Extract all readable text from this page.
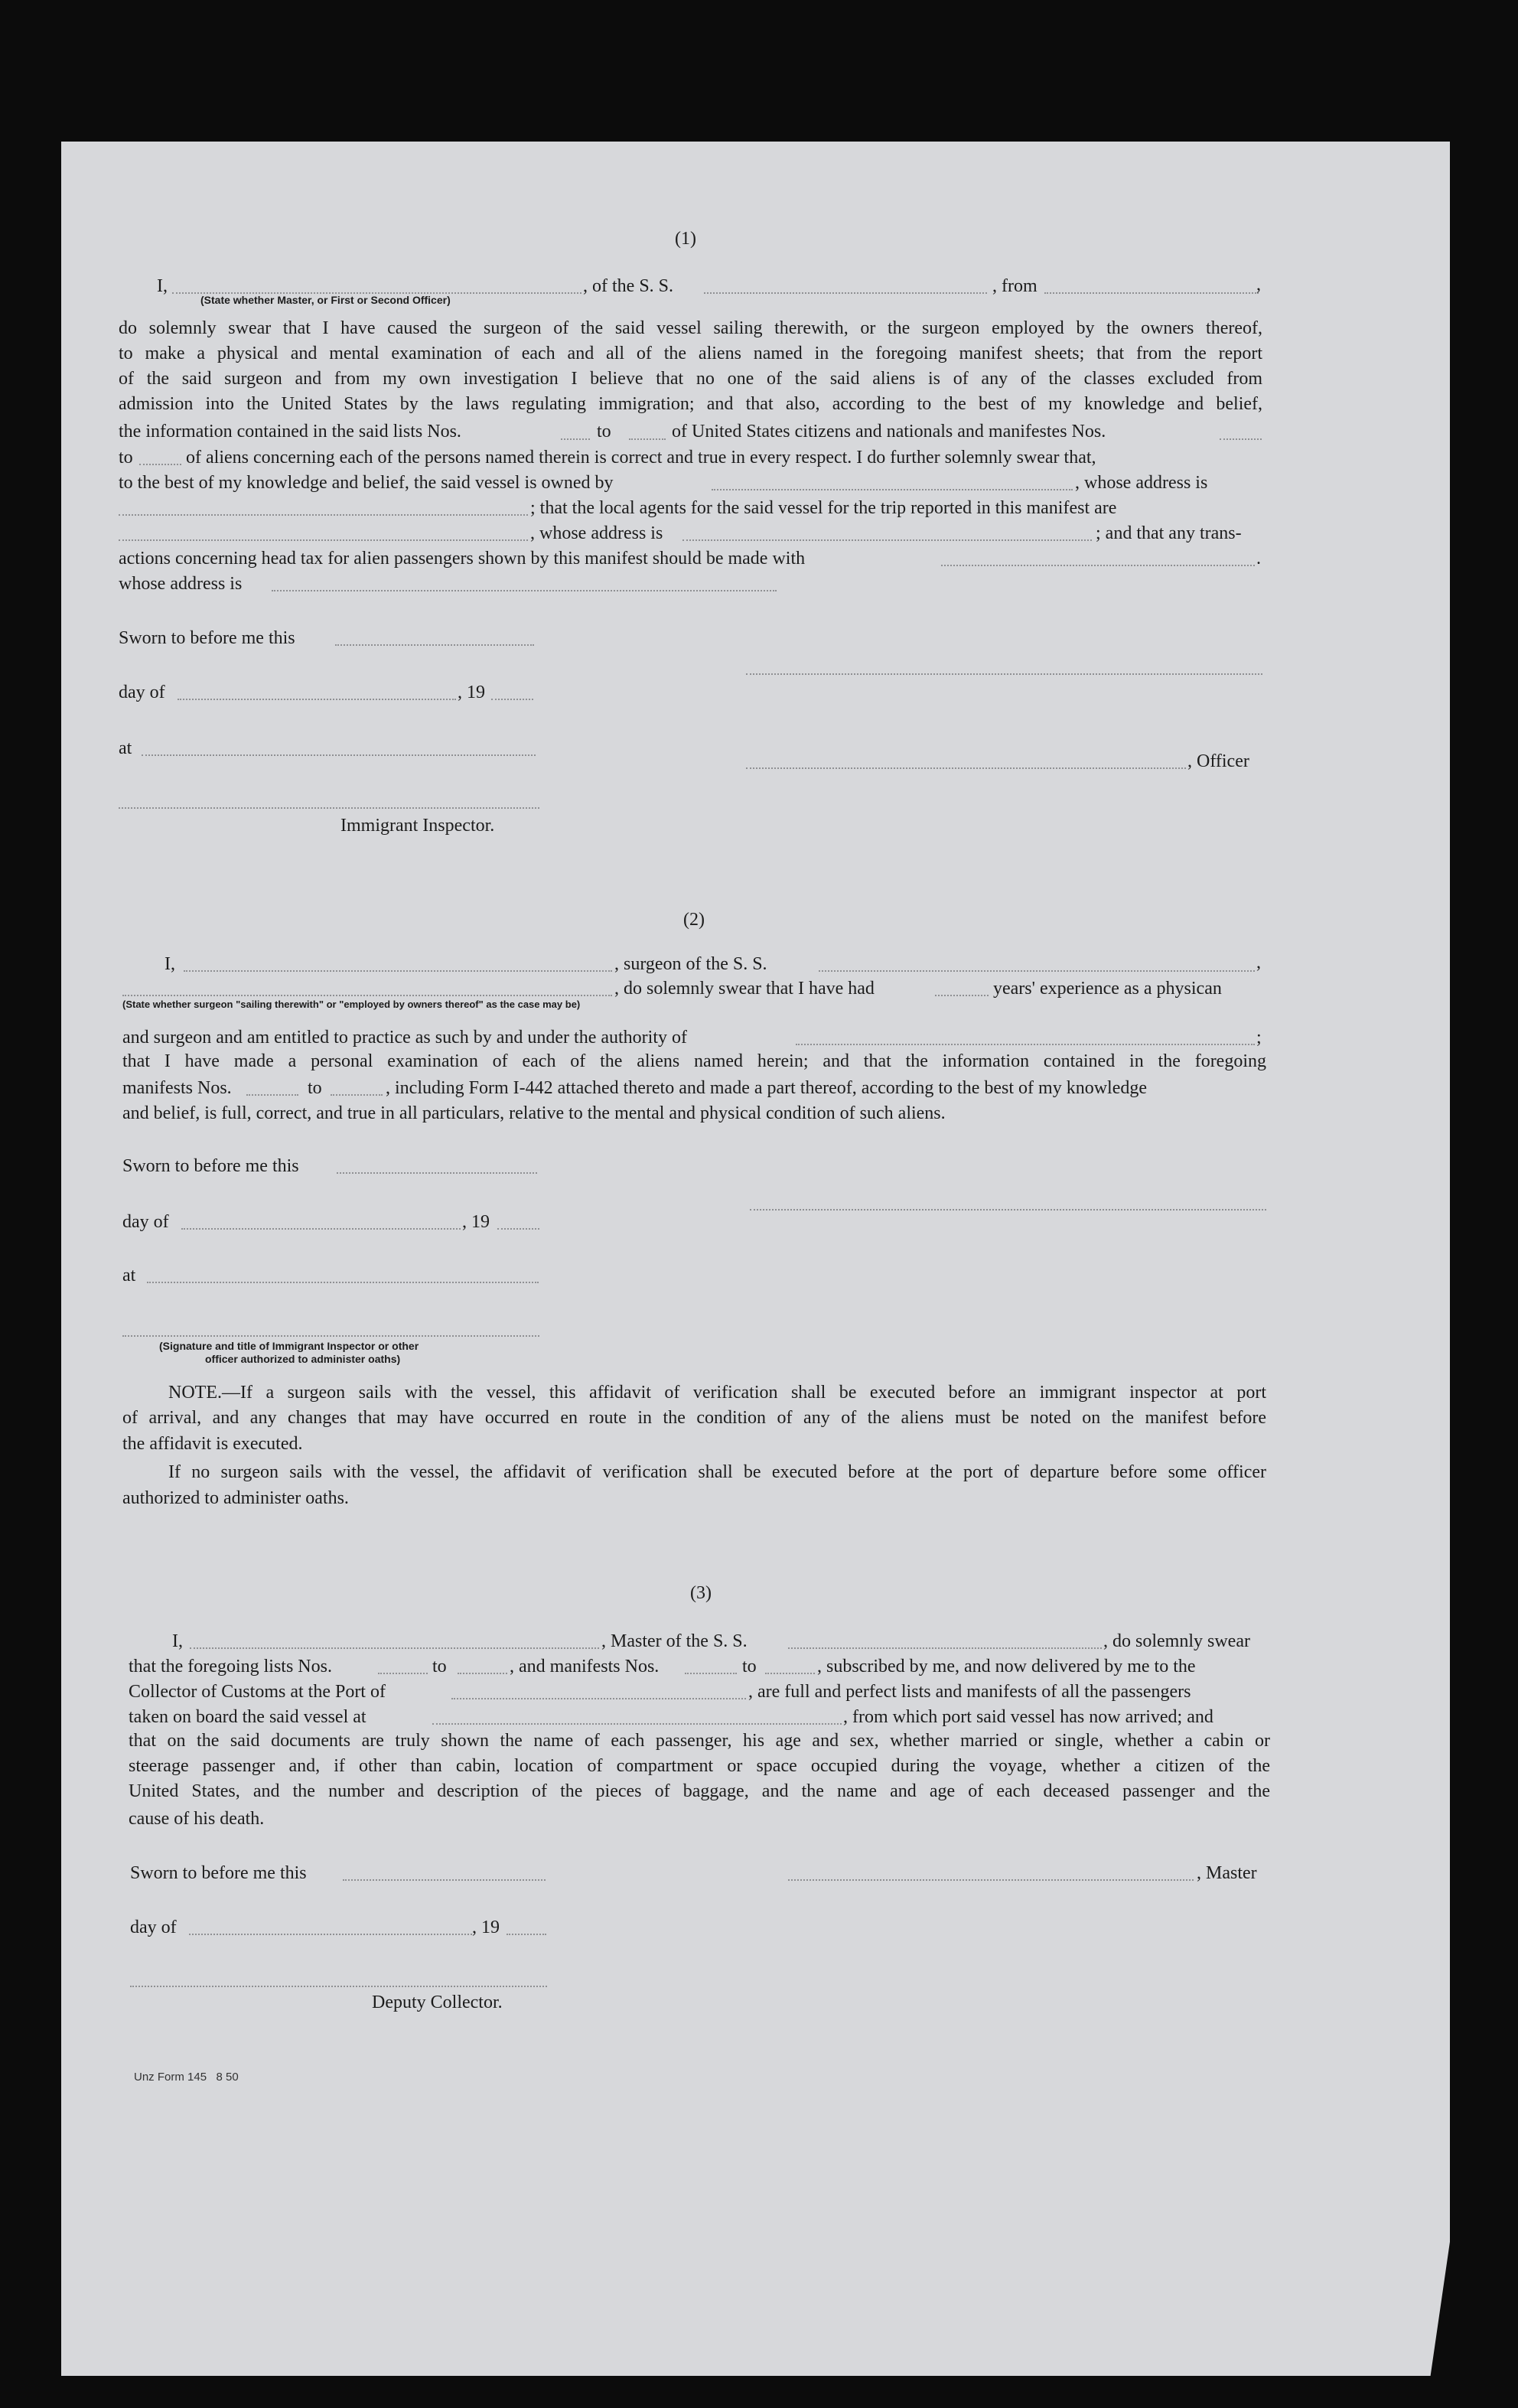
(1)
I,
(State whether Master, or First or Second Officer)
, of the S. S.	, from	,
do solemnly swear that I have caused the surgeon of the said vessel sailing therewith, or the surgeon employed by the owners thereof,
to make a physical and mental examination of each and all of the aliens named in the foregoing manifest sheets; that from the report
of the said surgeon and from my own investigation I believe that no one of the said aliens is of any of the classes excluded from
admission into the United States by the laws regulating immigration; and that also, according to the best of my knowledge and belief,
the information contained in the said lists Nos.	to	of United States citizens and nationals and manifestes Nos.
to	of aliens concerning each of the persons named therein is correct and true in every respect. I do further solemnly swear that,
to the best of my knowledge and belief, the said vessel is owned by	, whose address is
; that the local agents for the said vessel for the trip reported in this manifest are
, whose address is	; and that any trans-
actions concerning head tax for alien passengers shown by this manifest should be made with	.
whose address is
Sworn to before me this
day of	, 19
at
, Officer
Immigrant Inspector.
(2)
I,	, surgeon of the S. S.	,
, do solemnly swear that I have had	years' experience as a physican
(State whether surgeon "sailing therewith" or "employed by owners thereof" as the case may be)
and surgeon and am entitled to practice as such by and under the authority of	;
that I have made a personal examination of each of the aliens named herein; and that the information contained in the foregoing
manifests Nos.	to	, including Form I-442 attached thereto and made a part thereof, according to the best of my knowledge
and belief, is full, correct, and true in all particulars, relative to the mental and physical condition of such aliens.
Sworn to before me this
day of	, 19
at
(Signature and title of Immigrant Inspector or other
officer authorized to administer oaths)
NOTE.—If a surgeon sails with the vessel, this affidavit of verification shall be executed before an immigrant inspector at port
of arrival, and any changes that may have occurred en route in the condition of any of the aliens must be noted on the manifest before
the affidavit is executed.
If no surgeon sails with the vessel, the affidavit of verification shall be executed before at the port of departure before some officer
authorized to administer oaths.
(3)
I,	, Master of the S. S.	, do solemnly swear
that the foregoing lists Nos.	to	, and manifests Nos.	to	, subscribed by me, and now delivered by me to the
Collector of Customs at the Port of	, are full and perfect lists and manifests of all the passengers
taken on board the said vessel at	, from which port said vessel has now arrived; and
that on the said documents are truly shown the name of each passenger, his age and sex, whether married or single, whether a cabin or
steerage passenger and, if other than cabin, location of compartment or space occupied during the voyage, whether a citizen of the
United States, and the number and description of the pieces of baggage, and the name and age of each deceased passenger and the
cause of his death.
Sworn to before me this	, Master
day of	, 19
Deputy Collector.
Unz Form 145   8 50
